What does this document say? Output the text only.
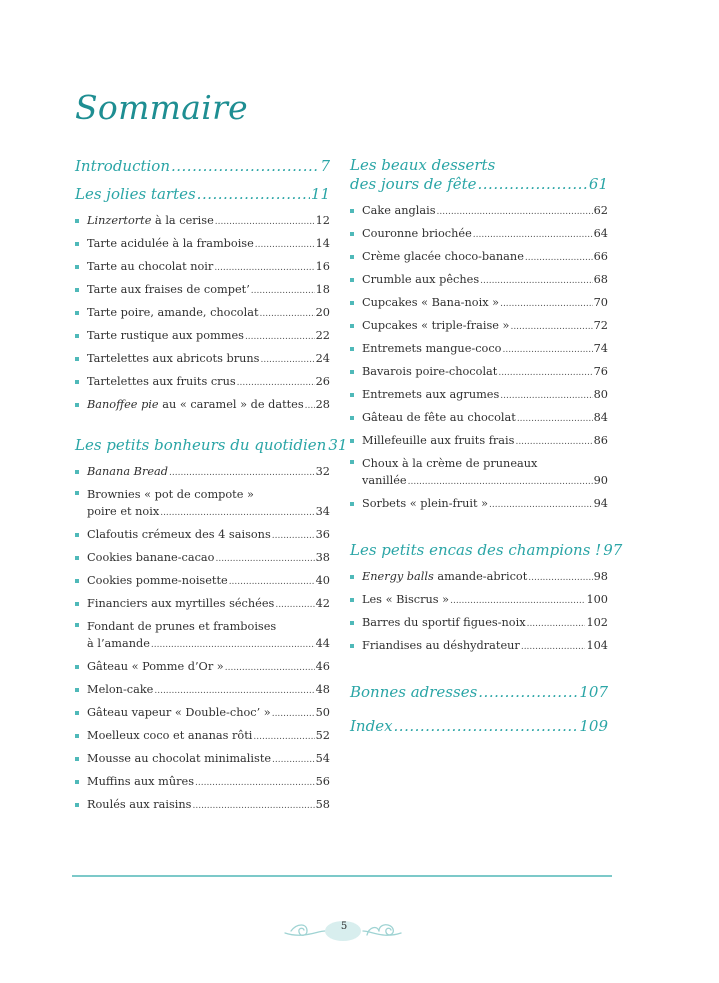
Sommaire
Introduction .....	7
Les jolies tartes .....	11
Linzertorte à la cerise .....	12
Tarte acidulée à la framboise .....	14
Tarte au chocolat noir .....	16
Tarte aux fraises de compet’ .....	18
Tarte poire, amande, chocolat .....	20
Tarte rustique aux pommes .....	22
Tartelettes aux abricots bruns .....	24
Tartelettes aux fruits crus .....	26
Banoffee pie au « caramel » de dattes ..... 28
Les petits bonheurs du quotidien 31
Banana Bread .....	32
Brownies « pot de compote »
poire et noix .....	34
Clafoutis crémeux des 4 saisons .....	36
Cookies banane-cacao .....	38
Cookies pomme-noisette .....	40
Financiers aux myrtilles séchées .....	42
Fondant de prunes et framboises
à l’amande .....	44
Gâteau « Pomme d’Or » .....	46
Melon-cake .....	48
Gâteau vapeur « Double-choc’ » .....	50
Moelleux coco et ananas rôti .....	52
Mousse au chocolat minimaliste .....	54
Muffins aux mûres .....	56
Roulés aux raisins .....	58
Les beaux desserts
des jours de fête .....	61
Cake anglais .....	62
Couronne briochée .....	64
Crème glacée choco-banane .....	66
Crumble aux pêches .....	68
Cupcakes « Bana-noix » .....	70
Cupcakes « triple-fraise » .....	72
Entremets mangue-coco .....	74
Bavarois poire-chocolat .....	76
Entremets aux agrumes .....	80
Gâteau de fête au chocolat .....	84
Millefeuille aux fruits frais .....	86
Choux à la crème de pruneaux
vanillée .....	90
Sorbets « plein-fruit » .....	94
Les petits encas des champions ! 97
Energy balls amande-abricot .....	98
Les « Biscrus » .....	100
Barres du sportif figues-noix .....	102
Friandises au déshydrateur .....	104
Bonnes adresses .....	107
Index .....	109
5
